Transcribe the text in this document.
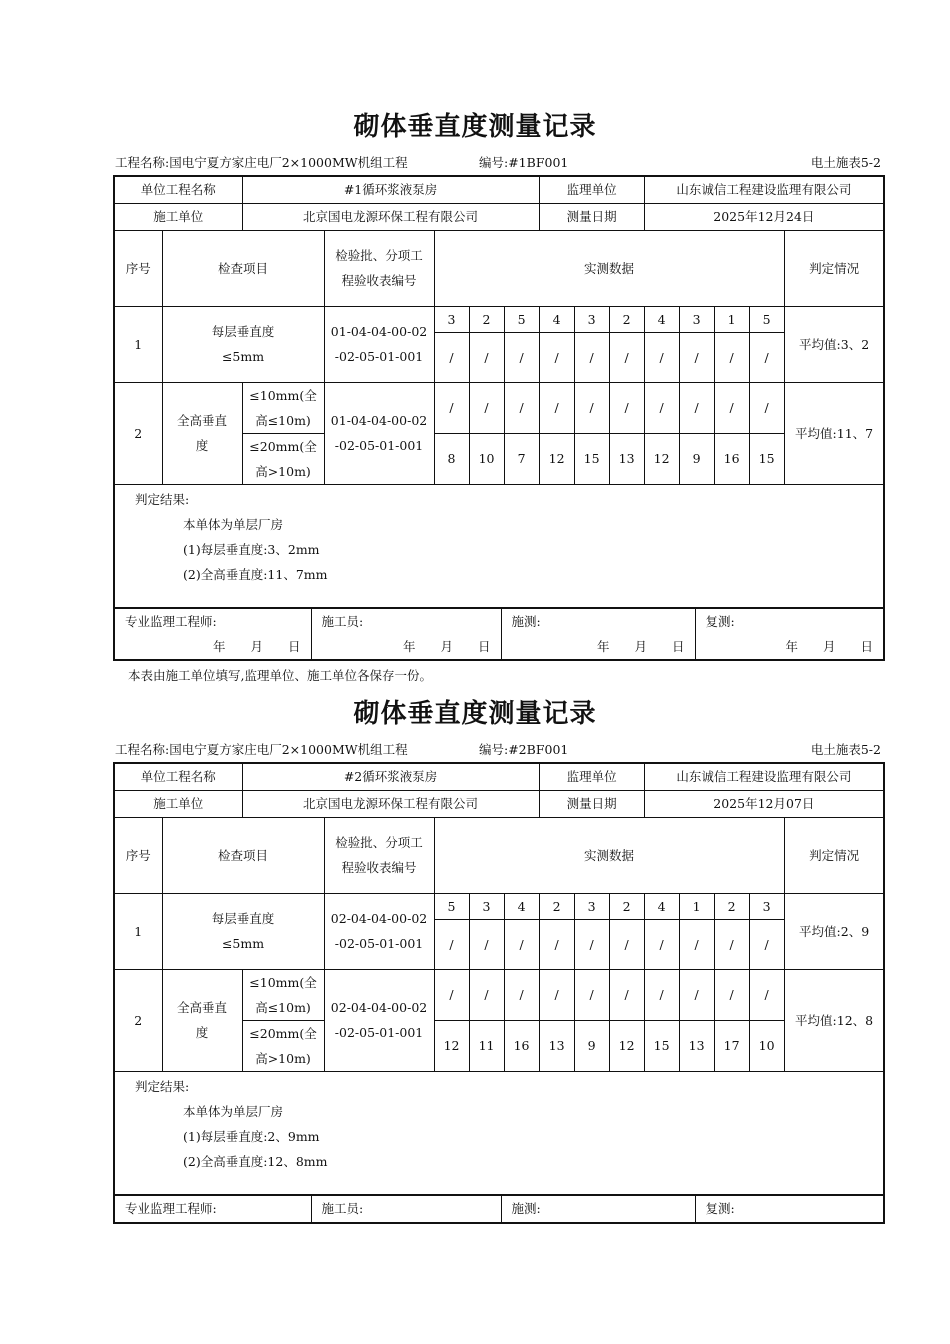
砌体垂直度测量记录
工程名称:国电宁夏方家庄电厂2×1000MW机组工程	编号:#1BF001	电土施表5-2
单位工程名称		#1循环浆液泵房					监理单位			山东诚信工程建设监理有限公司				
施工单位		北京国电龙源环保工程有限公司					测量日期			2025年12月24日				
序号	检查项目		检验批、分项工程验收表编号	实测数据										判定情况
1	每层垂直度≤5mm		01-04-04-00-02 -02-05-01-001	3	2	5	4	3	2	4	3	1	5	平均值:3、2
				/	/	/	/	/	/	/	/	/	/	
2	全高垂直度	≤10mm(全高≤10m)	01-04-04-00-02 -02-05-01-001	/	/	/	/	/	/	/	/	/	/	平均值:11、7
		≤20mm(全高>10m)		8	10	7	12	15	13	12	9	16	15	

判定结果:
本单体为单层厂房
(1)每层垂直度:3、2mm
(2)全高垂直度:11、7mm														
专业监理工程师:
年　　月　　日

施工员:
年　　月　　日

施测:
年　　月　　日

复测:
年　　月　　日
本表由施工单位填写,监理单位、施工单位各保存一份。
砌体垂直度测量记录
工程名称:国电宁夏方家庄电厂2×1000MW机组工程	编号:#2BF001	电土施表5-2
单位工程名称		#2循环浆液泵房					监理单位			山东诚信工程建设监理有限公司				
施工单位		北京国电龙源环保工程有限公司					测量日期			2025年12月07日				
序号	检查项目		检验批、分项工程验收表编号	实测数据										判定情况
1	每层垂直度≤5mm		02-04-04-00-02 -02-05-01-001	5	3	4	2	3	2	4	1	2	3	平均值:2、9
				/	/	/	/	/	/	/	/	/	/	
2	全高垂直度	≤10mm(全高≤10m)	02-04-04-00-02 -02-05-01-001	/	/	/	/	/	/	/	/	/	/	平均值:12、8
		≤20mm(全高>10m)		12	11	16	13	9	12	15	13	17	10	

判定结果:
本单体为单层厂房
(1)每层垂直度:2、9mm
(2)全高垂直度:12、8mm														
专业监理工程师:	施工员:	施测:	复测:
